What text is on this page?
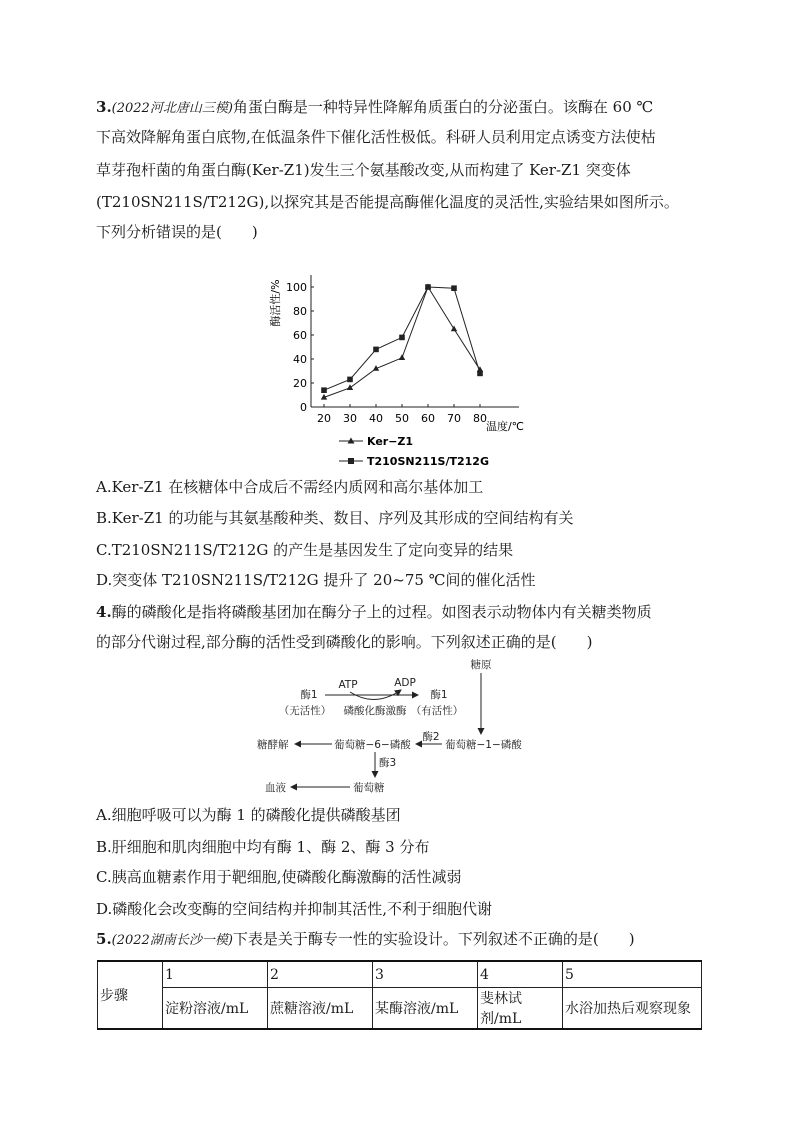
3.(2022河北唐山三模)角蛋白酶是一种特异性降解角质蛋白的分泌蛋白。该酶在 60 ℃
下高效降解角蛋白底物,在低温条件下催化活性极低。科研人员利用定点诱变方法使枯
草芽孢杆菌的角蛋白酶(Ker-Z1)发生三个氨基酸改变,从而构建了 Ker-Z1 突变体
(T210SN211S/T212G),以探究其是否能提高酶催化温度的灵活性,实验结果如图所示。
下列分析错误的是(　　)
酶活性/%
温度/℃
0
20
40
60
80
100
20 30 40 50 60 70 80
Ker−Z1
T210SN211S/T212G
A.Ker-Z1 在核糖体中合成后不需经内质网和高尔基体加工
B.Ker-Z1 的功能与其氨基酸种类、数目、序列及其形成的空间结构有关
C.T210SN211S/T212G 的产生是基因发生了定向变异的结果
D.突变体 T210SN211S/T212G 提升了 20~75 ℃间的催化活性
4.酶的磷酸化是指将磷酸基团加在酶分子上的过程。如图表示动物体内有关糖类物质
的部分代谢过程,部分酶的活性受到磷酸化的影响。下列叙述正确的是(　　)
糖原
ATP	ADP
酶1
（无活性） 磷酸化酶激酶
酶1
（有活性）
糖酵解	葡萄糖−6−磷酸
酶2
葡萄糖−1−磷酸
酶3
血液	葡萄糖
A.细胞呼吸可以为酶 1 的磷酸化提供磷酸基团
B.肝细胞和肌肉细胞中均有酶 1、酶 2、酶 3 分布
C.胰高血糖素作用于靶细胞,使磷酸化酶激酶的活性减弱
D.磷酸化会改变酶的空间结构并抑制其活性,不利于细胞代谢
5.(2022湖南长沙一模)下表是关于酶专一性的实验设计。下列叙述不正确的是(　　)
步骤	1	2	3	4	5
	淀粉溶液/mL	蔗糖溶液/mL	某酶溶液/mL	斐林试剂/mL	水浴加热后观察现象
